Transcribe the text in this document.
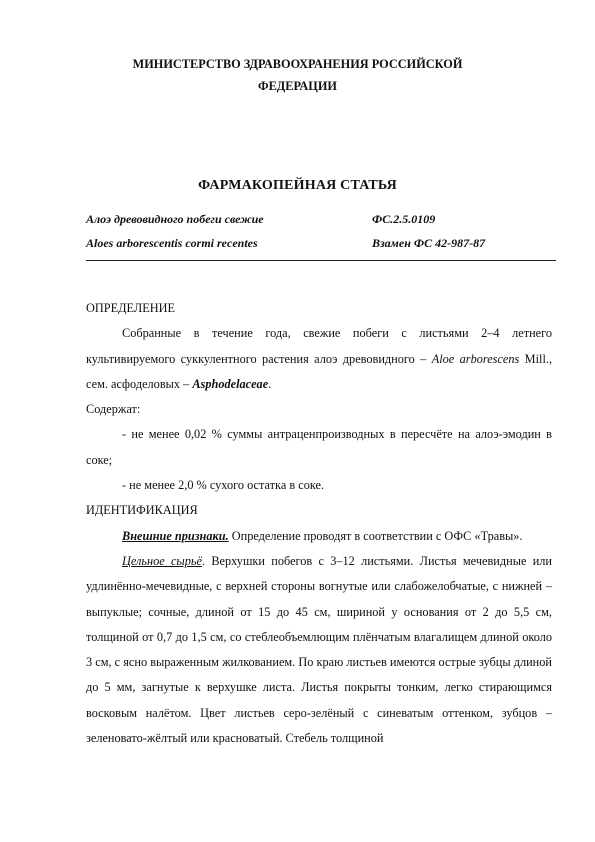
МИНИСТЕРСТВО ЗДРАВООХРАНЕНИЯ РОССИЙСКОЙ
ФЕДЕРАЦИИ
ФАРМАКОПЕЙНАЯ СТАТЬЯ
Алоэ древовидного побеги свежие	ФС.2.5.0109
Aloes arborescentis cormi recentes	Взамен ФС 42-987-87

ОПРЕДЕЛЕНИЕ

Собранные в течение года, свежие побеги с листьями 2–4 летнего культивируемого суккулентного растения алоэ древовидного – Aloe arborescens Mill., сем. асфоделовых – Asphodelaceae.

Содержат:

- не менее 0,02 % суммы антраценпроизводных в пересчёте на алоэ-эмодин в соке;

- не менее 2,0 % сухого остатка в соке.

ИДЕНТИФИКАЦИЯ

Внешние признаки. Определение проводят в соответствии с ОФС «Травы».

Цельное сырьё. Верхушки побегов с 3–12 листьями. Листья мечевидные или удлинённо-мечевидные, с верхней стороны вогнутые или слабожелобчатые, с нижней – выпуклые; сочные, длиной от 15 до 45 см, шириной у основания от 2 до 5,5 см, толщиной от 0,7 до 1,5 см, со стеблеобъемлющим плёнчатым влагалищем длиной около 3 см, с ясно выраженным жилкованием. По краю листьев имеются острые зубцы длиной до 5 мм, загнутые к верхушке листа. Листья покрыты тонким, легко стирающимся восковым налётом. Цвет листьев серо-зелёный с синеватым оттенком, зубцов – зеленовато-жёлтый или красноватый. Стебель толщиной
